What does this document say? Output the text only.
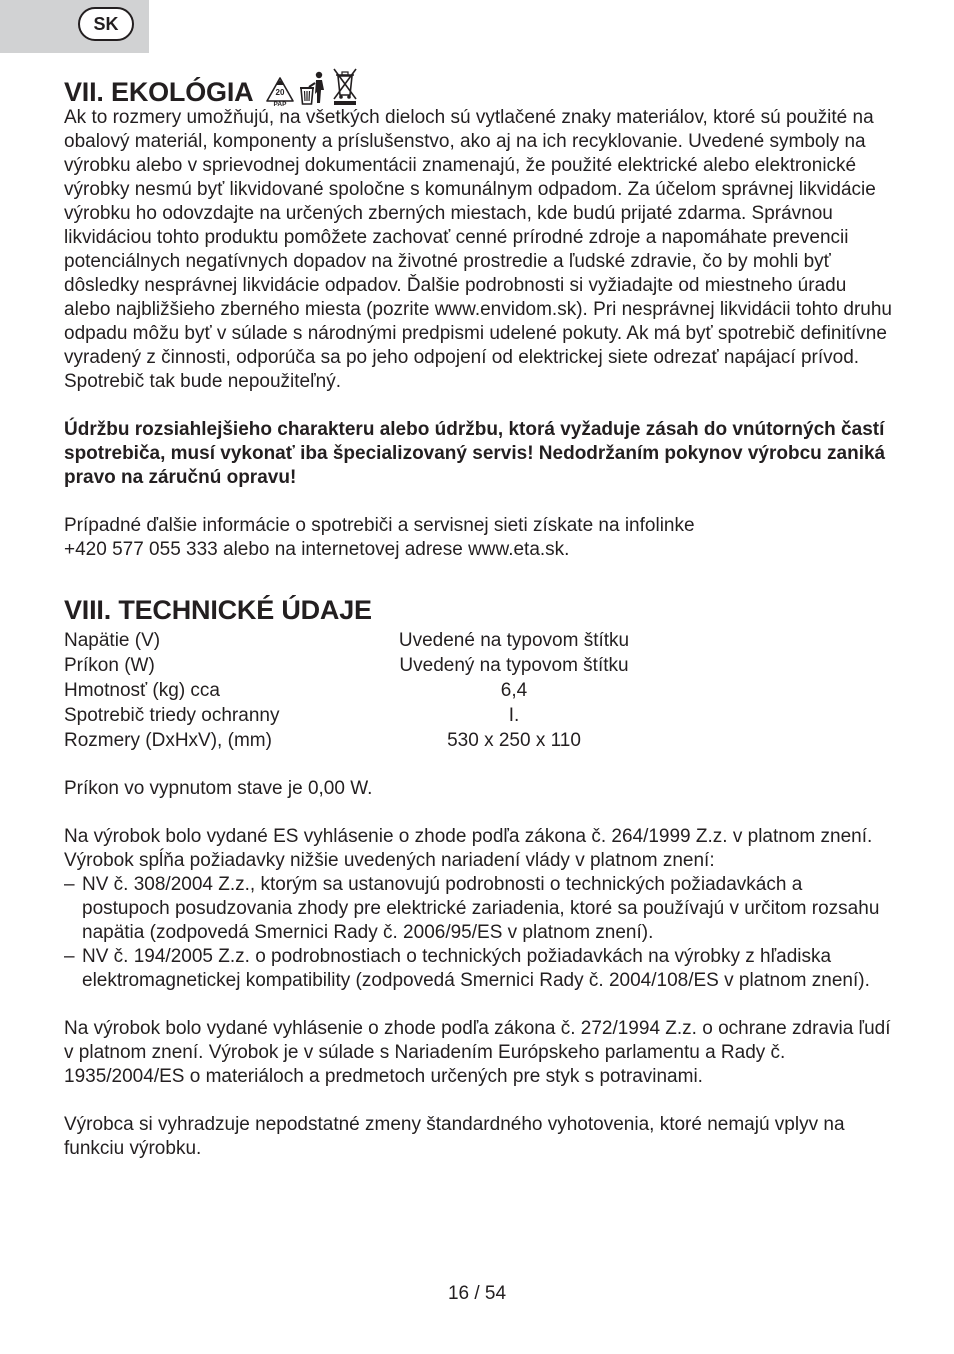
SK
VII. EKOLÓGIA	20
PAP

Ak to rozmery umožňujú, na všetkých dieloch sú vytlačené znaky materiálov, ktoré sú použité na obalový materiál, komponenty a príslušenstvo, ako aj na ich recyklovanie. Uvedené symboly na výrobku alebo v sprievodnej dokumentácii znamenajú, že použité elektrické alebo elektronické výrobky nesmú byť likvidované spoločne s komunálnym odpadom. Za účelom správnej likvidácie výrobku ho odovzdajte na určených zberných miestach, kde budú prijaté zdarma. Správnou likvidáciou tohto produktu pomôžete zachovať cenné prírodné zdroje a napomáhate prevencii potenciálnych negatívnych dopadov na životné prostredie a ľudské zdravie, čo by mohli byť dôsledky nesprávnej likvidácie odpadov. Ďalšie podrobnosti si vyžiadajte od miestneho úradu alebo najbližšieho zberného miesta (pozrite www.envidom.sk). Pri nesprávnej likvidácii tohto druhu odpadu môžu byť v súlade s národnými predpismi udelené pokuty. Ak má byť spotrebič definitívne vyradený z činnosti, odporúča sa po jeho odpojení od elektrickej siete odrezať napájací prívod. Spotrebič tak bude nepoužiteľný.

Údržbu rozsiahlejšieho charakteru alebo údržbu, ktorá vyžaduje zásah do vnútorných častí spotrebiča, musí vykonať iba špecializovaný servis! Nedodržaním pokynov výrobcu zaniká pravo na záručnú opravu!

Prípadné ďalšie informácie o spotrebiči a servisnej sieti získate na infolinke
+420 577 055 333 alebo na internetovej adrese www.eta.sk.

VIII. TECHNICKÉ ÚDAJE
Napätie (V)	Uvedené na typovom štítku
Príkon (W)	Uvedený na typovom štítku
Hmotnosť (kg) cca	6,4
Spotrebič triedy ochranny	I.
Rozmery (DxHxV), (mm)	530 x 250 x 110

Príkon vo vypnutom stave je 0,00 W.

Na výrobok bolo vydané ES vyhlásenie o zhode podľa zákona č. 264/1999 Z.z. v platnom znení. Výrobok spĺňa požiadavky nižšie uvedených nariadení vlády v platnom znení:

– NV č. 308/2004 Z.z., ktorým sa ustanovujú podrobnosti o technických požiadavkách a postupoch posudzovania zhody pre elektrické zariadenia, ktoré sa používajú v určitom rozsahu napätia (zodpovedá Smernici Rady č. 2006/95/ES v platnom znení).
– NV č. 194/2005 Z.z. o podrobnostiach o technických požiadavkách na výrobky z hľadiska elektromagnetickej kompatibility (zodpovedá Smernici Rady č. 2004/108/ES v platnom znení).

Na výrobok bolo vydané vyhlásenie o zhode podľa zákona č. 272/1994 Z.z. o ochrane zdravia ľudí v platnom znení. Výrobok je v súlade s Nariadením Európskeho parlamentu a Rady č. 1935/2004/ES o materiáloch a predmetoch určených pre styk s potravinami.

Výrobca si vyhradzuje nepodstatné zmeny štandardného vyhotovenia, ktoré nemajú vplyv na funkciu výrobku.

16 / 54
